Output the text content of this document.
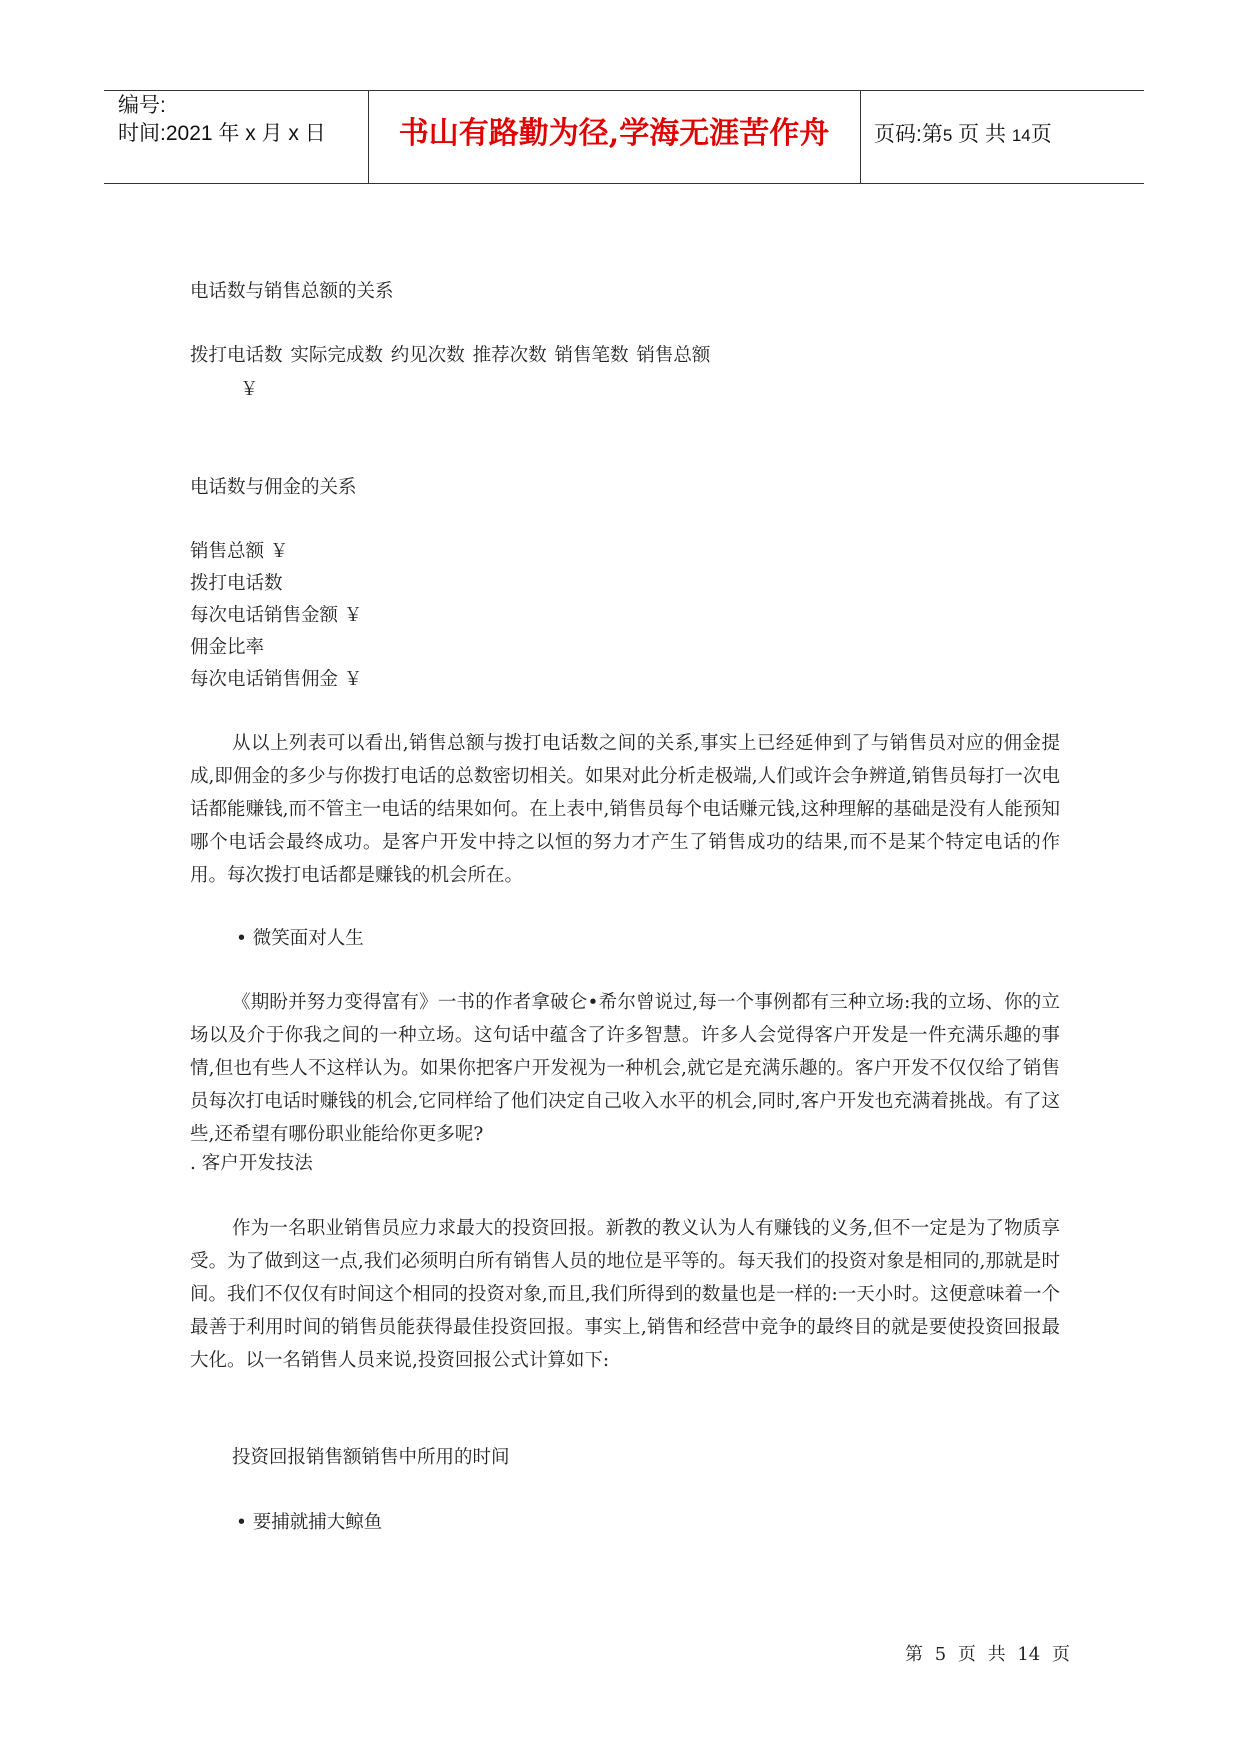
编号:
时间:2021 年 x 月 x 日	书山有路勤为径,学海无涯苦作舟	页码:第5 页 共 14页
电话数与销售总额的关系
拨打电话数 实际完成数 约见次数 推荐次数 销售笔数 销售总额
￥
电话数与佣金的关系
销售总额 ￥
拨打电话数
每次电话销售金额 ￥
佣金比率
每次电话销售佣金 ￥
从以上列表可以看出,销售总额与拨打电话数之间的关系,事实上已经延伸到了与销售员对应的佣金提成,即佣金的多少与你拨打电话的总数密切相关。如果对此分析走极端,人们或许会争辨道,销售员每打一次电话都能赚钱,而不管主一电话的结果如何。在上表中,销售员每个电话赚元钱,这种理解的基础是没有人能预知哪个电话会最终成功。是客户开发中持之以恒的努力才产生了销售成功的结果,而不是某个特定电话的作用。每次拨打电话都是赚钱的机会所在。
• 微笑面对人生
《期盼并努力变得富有》一书的作者拿破仑•希尔曾说过,每一个事例都有三种立场:我的立场、你的立场以及介于你我之间的一种立场。这句话中蕴含了许多智慧。许多人会觉得客户开发是一件充满乐趣的事情,但也有些人不这样认为。如果你把客户开发视为一种机会,就它是充满乐趣的。客户开发不仅仅给了销售员每次打电话时赚钱的机会,它同样给了他们决定自己收入水平的机会,同时,客户开发也充满着挑战。有了这些,还希望有哪份职业能给你更多呢?
. 客户开发技法
作为一名职业销售员应力求最大的投资回报。新教的教义认为人有赚钱的义务,但不一定是为了物质享受。为了做到这一点,我们必须明白所有销售人员的地位是平等的。每天我们的投资对象是相同的,那就是时间。我们不仅仅有时间这个相同的投资对象,而且,我们所得到的数量也是一样的:一天小时。这便意味着一个最善于利用时间的销售员能获得最佳投资回报。事实上,销售和经营中竞争的最终目的就是要使投资回报最大化。以一名销售人员来说,投资回报公式计算如下:
投资回报销售额销售中所用的时间
• 要捕就捕大鲸鱼
第 5 页 共 14 页
